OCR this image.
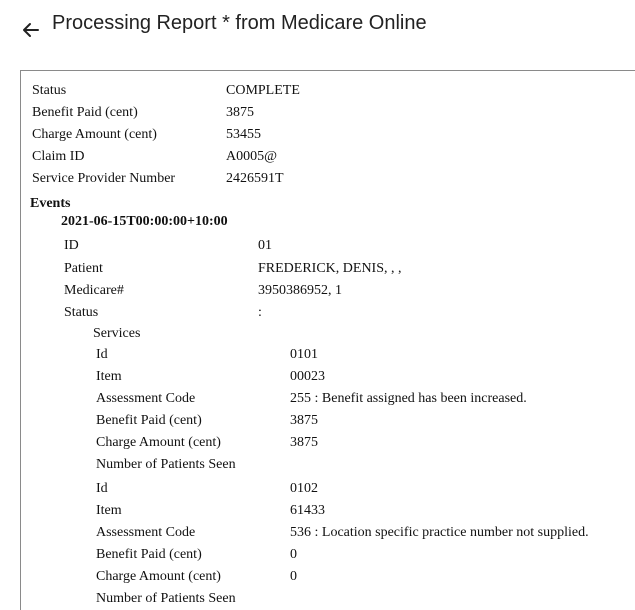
Processing Report * from Medicare Online
Status	COMPLETE
Benefit Paid (cent)	3875
Charge Amount (cent)	53455
Claim ID	A0005@
Service Provider Number	2426591T
Events
2021-06-15T00:00:00+10:00
ID	01
Patient	FREDERICK, DENIS, , ,
Medicare#	3950386952, 1
Status	:
Services
Id	0101
Item	00023
Assessment Code	255 : Benefit assigned has been increased.
Benefit Paid (cent)	3875
Charge Amount (cent)	3875
Number of Patients Seen
Id	0102
Item	61433
Assessment Code	536 : Location specific practice number not supplied.
Benefit Paid (cent)	0
Charge Amount (cent)	0
Number of Patients Seen
